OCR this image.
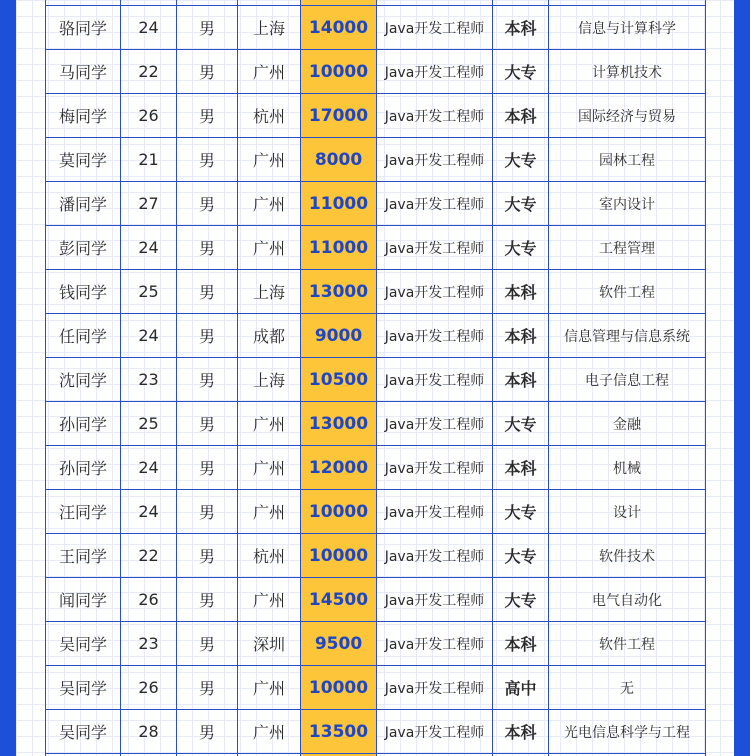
骆同学	24	男	上海	14000	Java开发工程师	本科	信息与计算科学
马同学	22	男	广州	10000	Java开发工程师	大专	计算机技术
梅同学	26	男	杭州	17000	Java开发工程师	本科	国际经济与贸易
莫同学	21	男	广州	8000	Java开发工程师	大专	园林工程
潘同学	27	男	广州	11000	Java开发工程师	大专	室内设计
彭同学	24	男	广州	11000	Java开发工程师	大专	工程管理
钱同学	25	男	上海	13000	Java开发工程师	本科	软件工程
任同学	24	男	成都	9000	Java开发工程师	本科	信息管理与信息系统
沈同学	23	男	上海	10500	Java开发工程师	本科	电子信息工程
孙同学	25	男	广州	13000	Java开发工程师	大专	金融
孙同学	24	男	广州	12000	Java开发工程师	本科	机械
汪同学	24	男	广州	10000	Java开发工程师	大专	设计
王同学	22	男	杭州	10000	Java开发工程师	大专	软件技术
闻同学	26	男	广州	14500	Java开发工程师	大专	电气自动化
吴同学	23	男	深圳	9500	Java开发工程师	本科	软件工程
吴同学	26	男	广州	10000	Java开发工程师	高中	无
吴同学	28	男	广州	13500	Java开发工程师	本科	光电信息科学与工程
